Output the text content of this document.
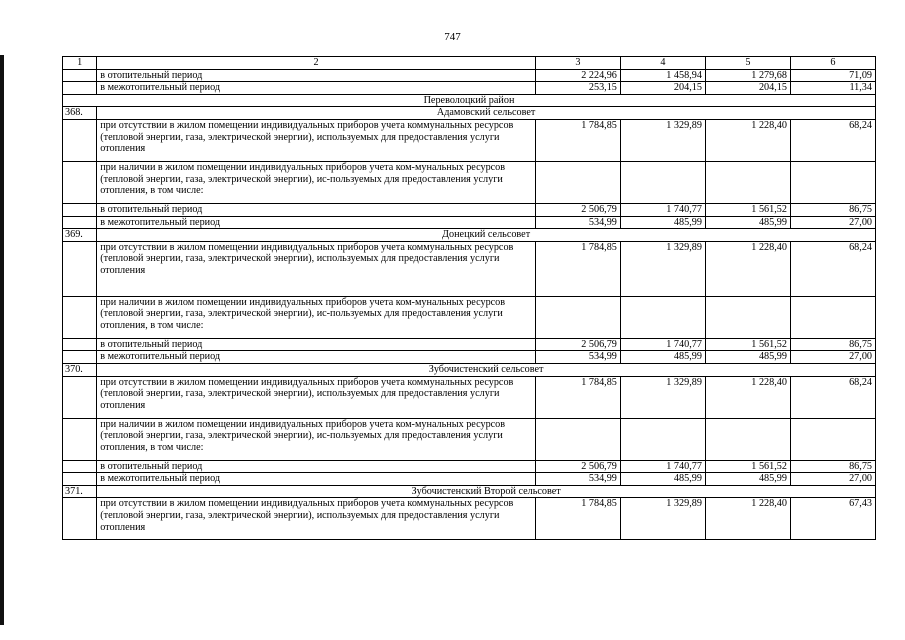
747
1	2	3	4	5	6
	в отопительный период	2 224,96	1 458,94	1 279,68	71,09
	в межотопительный период	253,15	204,15	204,15	11,34
Переволоцкий район					
368.	Адамовский сельсовет				
	при отсутствии в жилом помещении индивидуальных приборов учета коммунальных ресурсов (тепловой энергии, газа, электрической энергии), используемых для предоставления услуги отопления	1 784,85	1 329,89	1 228,40	68,24
	при наличии в жилом помещении индивидуальных приборов учета ком-мунальных ресурсов (тепловой энергии, газа, электрической энергии), ис-пользуемых для предоставления услуги отопления, в том числе:				
	в отопительный период	2 506,79	1 740,77	1 561,52	86,75
	в межотопительный период	534,99	485,99	485,99	27,00
369.	Донецкий сельсовет				
	при отсутствии в жилом помещении индивидуальных приборов учета коммунальных ресурсов (тепловой энергии, газа, электрической энергии), используемых для предоставления услуги отопления	1 784,85	1 329,89	1 228,40	68,24
	при наличии в жилом помещении индивидуальных приборов учета ком-мунальных ресурсов (тепловой энергии, газа, электрической энергии), ис-пользуемых для предоставления услуги отопления, в том числе:				
	в отопительный период	2 506,79	1 740,77	1 561,52	86,75
	в межотопительный период	534,99	485,99	485,99	27,00
370.	Зубочистенский сельсовет				
	при отсутствии в жилом помещении индивидуальных приборов учета коммунальных ресурсов (тепловой энергии, газа, электрической энергии), используемых для предоставления услуги отопления	1 784,85	1 329,89	1 228,40	68,24
	при наличии в жилом помещении индивидуальных приборов учета ком-мунальных ресурсов (тепловой энергии, газа, электрической энергии), ис-пользуемых для предоставления услуги отопления, в том числе:				
	в отопительный период	2 506,79	1 740,77	1 561,52	86,75
	в межотопительный период	534,99	485,99	485,99	27,00
371.	Зубочистенский Второй сельсовет				
	при отсутствии в жилом помещении индивидуальных приборов учета коммунальных ресурсов (тепловой энергии, газа, электрической энергии), используемых для предоставления услуги отопления	1 784,85	1 329,89	1 228,40	67,43
